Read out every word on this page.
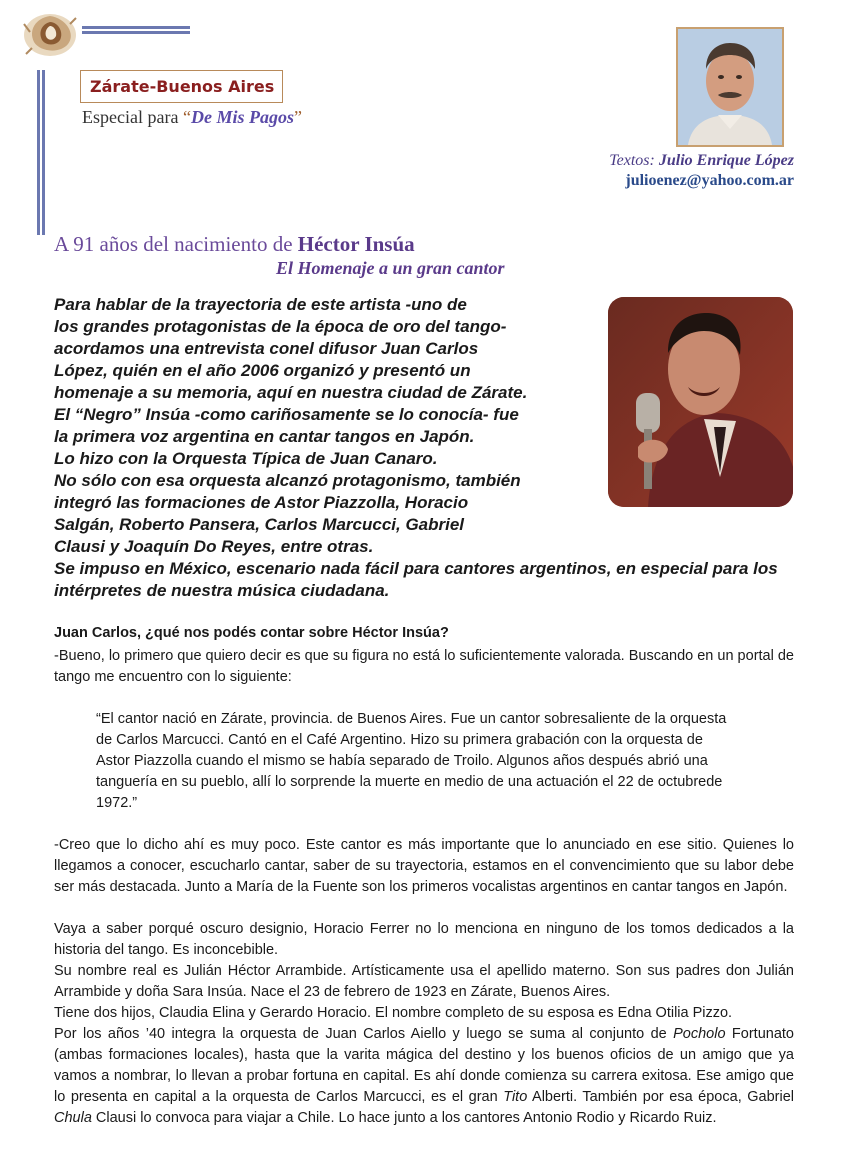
Zárate-Buenos Aires
Especial para “De Mis Pagos”
Textos: Julio Enrique López
julioenez@yahoo.com.ar
A 91 años del nacimiento de Héctor Insúa
El Homenaje a un gran cantor
Para hablar de la trayectoria de este artista -uno de
los grandes protagonistas de la época de oro del tango-
acordamos una entrevista conel difusor Juan Carlos
López, quién en el año 2006 organizó y presentó un
homenaje a su memoria, aquí en nuestra ciudad de Zárate.
El “Negro” Insúa -como cariñosamente se lo conocía- fue
la primera voz argentina en cantar tangos en Japón.
Lo hizo con la Orquesta Típica de Juan Canaro.
No sólo con esa orquesta alcanzó protagonismo, también
integró las formaciones de Astor Piazzolla, Horacio
Salgán, Roberto Pansera, Carlos Marcucci, Gabriel
Clausi y Joaquín Do Reyes, entre otras.
Se impuso en México, escenario nada fácil para cantores argentinos, en especial para los intérpretes de nuestra música ciudadana.
Juan Carlos, ¿qué nos podés contar sobre Héctor Insúa?
-Bueno, lo primero que quiero decir es que su figura no está lo suficientemente valorada. Buscando en un portal de tango me encuentro con lo siguiente:
“El cantor nació en Zárate, provincia. de Buenos Aires. Fue un cantor sobresaliente de la orquesta de Carlos Marcucci. Cantó en el Café Argentino. Hizo su primera grabación con la orquesta de Astor Piazzolla cuando el mismo se había separado de Troilo. Algunos años después abrió una tanguería en su pueblo, allí lo sorprende la muerte en medio de una actuación el 22 de octubrede 1972.”
-Creo que lo dicho ahí es muy poco. Este cantor es más importante que lo anunciado en ese sitio. Quienes lo llegamos a conocer, escucharlo cantar, saber de su trayectoria, estamos en el convencimiento que su labor debe ser más destacada. Junto a María de la Fuente son los primeros vocalistas argentinos en cantar tangos en Japón.
Vaya a saber porqué oscuro designio, Horacio Ferrer no lo menciona en ninguno de los tomos dedicados a la historia del tango. Es inconcebible.
Su nombre real es Julián Héctor Arrambide. Artísticamente usa el apellido materno. Son sus padres don Julián Arrambide y doña Sara Insúa. Nace el 23 de febrero de 1923 en Zárate, Buenos Aires.
Tiene dos hijos, Claudia Elina y Gerardo Horacio. El nombre completo de su esposa es Edna Otilia Pizzo.
Por los años ’40 integra la orquesta de Juan Carlos Aiello y luego se suma al conjunto de Pocholo Fortunato (ambas formaciones locales), hasta que la varita mágica del destino y los buenos oficios de un amigo que ya vamos a nombrar, lo llevan a probar fortuna en capital. Es ahí donde comienza su carrera exitosa. Ese amigo que lo presenta en capital a la orquesta de Carlos Marcucci, es el gran Tito Alberti. También por esa época, Gabriel Chula Clausi lo convoca para viajar a Chile. Lo hace junto a los cantores Antonio Rodio y Ricardo Ruiz.
